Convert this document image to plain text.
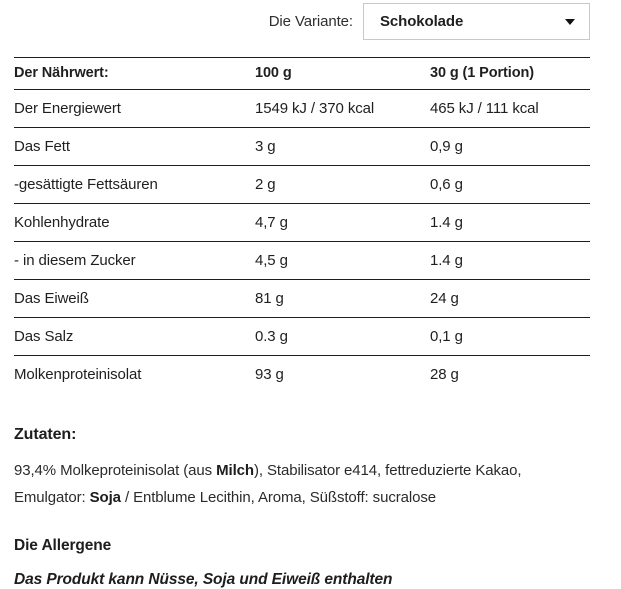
Die Variante: Schokolade
Der Nährwert:	100 g	30 g (1 Portion)
Der Energiewert	1549 kJ / 370 kcal	465 kJ / 111 kcal
Das Fett	3 g	0,9 g
-gesättigte Fettsäuren	2 g	0,6 g
Kohlenhydrate	4,7 g	1.4 g
- in diesem Zucker	4,5 g	1.4 g
Das Eiweiß	81 g	24 g
Das Salz	0.3 g	0,1 g
Molkenproteinisolat	93 g	28 g
Zutaten:

93,4% Molkeproteinisolat (aus Milch), Stabilisator e414, fettreduzierte Kakao, Emulgator: Soja / Entblume Lecithin, Aroma, Süßstoff: sucralose

Die Allergene

Das Produkt kann Nüsse, Soja und Eiweiß enthalten
